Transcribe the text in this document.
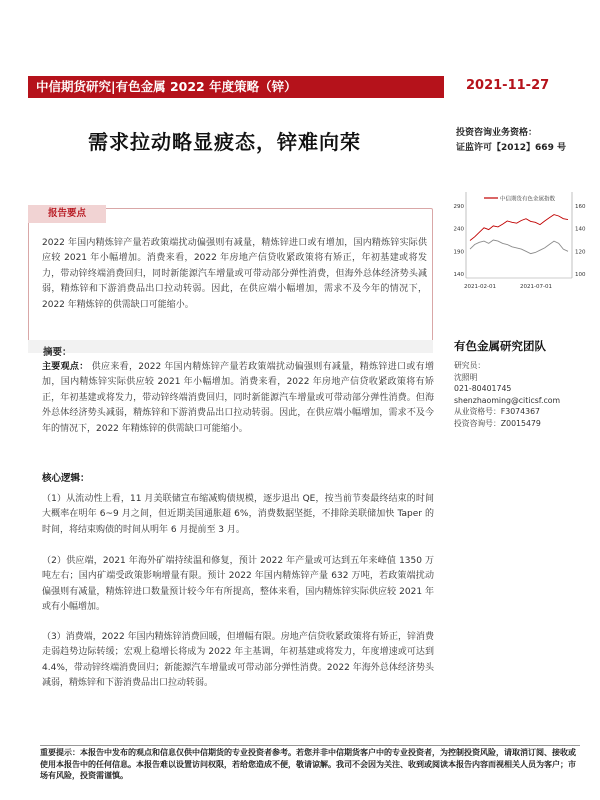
中信期货研究|有色金属 2022 年度策略（锌）	2021-11-27
需求拉动略显疲态，锌难向荣	投资咨询业务资格：
证监许可【2012】669 号
报告要点
2022 年国内精炼锌产量若政策端扰动偏强则有减量，精炼锌进口或有增加，国内精炼锌实际供应较 2021 年小幅增加。消费来看，2022 年房地产信贷收紧政策将有矫正，年初基建或将发力，带动锌终端消费回归，同时新能源汽车增量或可带动部分弹性消费，但海外总体经济势头减弱，精炼锌和下游消费品出口拉动转弱。因此，在供应端小幅增加，需求不及今年的情况下，2022 年精炼锌的供需缺口可能缩小。
中信期货有色金属指数
290
240
190
140
160
140
120
100
2021-02-01	2021-07-01
有色金属研究团队
研究员：
沈照明
021-80401745
shenzhaoming@citicsf.com
从业资格号：F3074367
投资咨询号：Z0015479
摘要：
主要观点： 供应来看，2022 年国内精炼锌产量若政策端扰动偏强则有减量，精炼锌进口或有增加，国内精炼锌实际供应较 2021 年小幅增加。消费来看，2022 年房地产信贷收紧政策将有矫正，年初基建或将发力，带动锌终端消费回归，同时新能源汽车增量或可带动部分弹性消费。但海外总体经济势头减弱，精炼锌和下游消费品出口拉动转弱。因此，在供应端小幅增加，需求不及今年的情况下，2022 年精炼锌的供需缺口可能缩小。
核心逻辑：
（1）从流动性上看，11 月美联储宣布缩减购债规模，逐步退出 QE，按当前节奏最终结束的时间大概率在明年 6~9 月之间，但近期美国通胀超 6%，消费数据坚挺，不排除美联储加快 Taper 的时间，将结束购债的时间从明年 6 月提前至 3 月。
（2）供应端，2021 年海外矿端持续温和修复，预计 2022 年产量或可达到五年来峰值 1350 万吨左右；国内矿端受政策影响增量有限。预计 2022 年国内精炼锌产量 632 万吨，若政策端扰动偏强则有减量，精炼锌进口数量预计较今年有所提高，整体来看，国内精炼锌实际供应较 2021 年或有小幅增加。
（3）消费端，2022 年国内精炼锌消费回暖，但增幅有限。房地产信贷收紧政策将有矫正，锌消费走弱趋势边际转缓；宏观上稳增长将成为 2022 年主基调，年初基建或将发力，年度增速或可达到 4.4%，带动锌终端消费回归；新能源汽车增量或可带动部分弹性消费。2022 年海外总体经济势头减弱，精炼锌和下游消费品出口拉动转弱。
重要提示：本报告中发布的观点和信息仅供中信期货的专业投资者参考。若您并非中信期货客户中的专业投资者，为控制投资风险，请取消订阅、接收或使用本报告中的任何信息。本报告难以设置访问权限，若给您造成不便，敬请谅解。我司不会因为关注、收到或阅读本报告内容而视相关人员为客户；市场有风险，投资需谨慎。
